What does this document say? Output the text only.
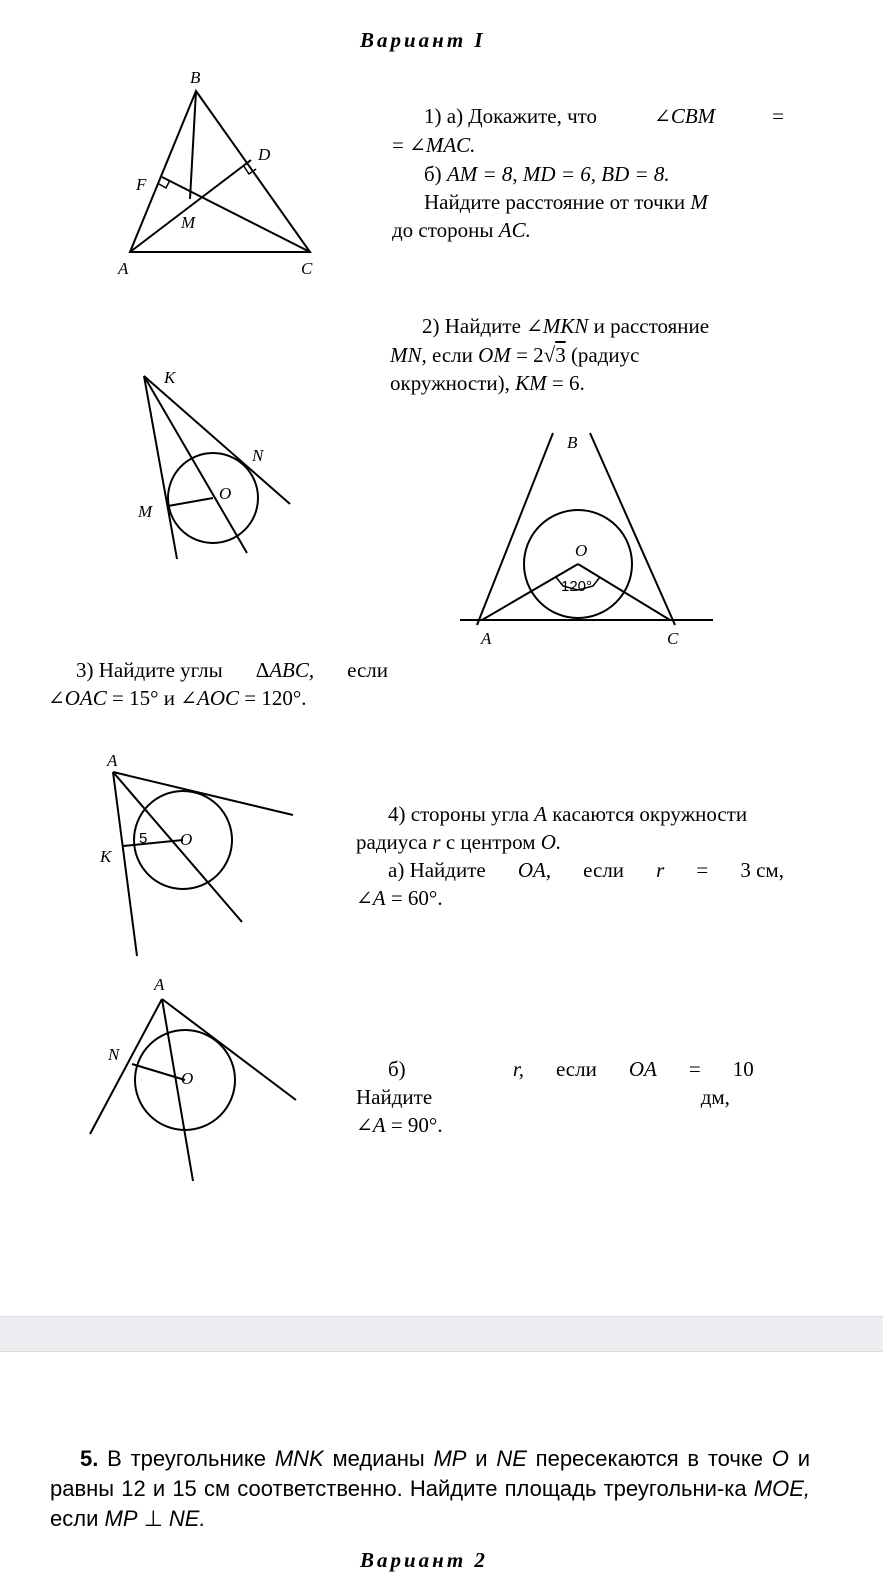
Вариант I
B
D
F
M
A	C
1) а) Докажите, что	∠CBM	=
= ∠MAC.
б) AM = 8, MD = 6, BD = 8.
Найдите расстояние от точки M
до стороны AC.
2) Найдите ∠MKN и расстояние
MN, если OM = 2√3 (радиус
окружности), KM = 6.
K
N
O
M
B
O
120°
A	C
3) Найдите углы ΔABC, если
∠OAC = 15° и ∠AOC = 120°.
A
5 O
K
4) стороны угла A касаются окружности
радиуса r с центром O.
а) Найдите	OA,	если	r	=	3 см,
∠A = 60°.
A
N
O	б) Найдите
r,	если	OA	=	10 дм,
∠A = 90°.
5. В треугольнике MNK медианы MP и NE пересекаются в точке O и равны 12 и 15 см соответственно. Найдите площадь треугольни-ка MOE, если MP ⊥ NE.
Вариант 2
